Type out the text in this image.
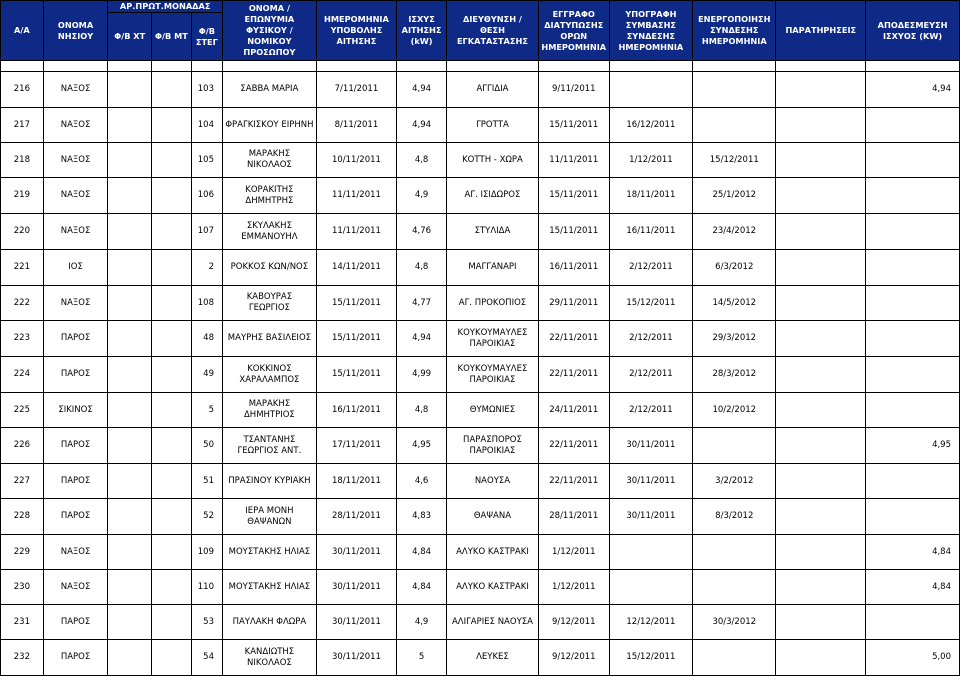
Α/Α	ΟΝΟΜΑ ΝΗΣΙΟΥ	ΑΡ.ΠΡΩΤ.ΜΟΝΑΔΑΣ			ΟΝΟΜΑ / ΕΠΩΝΥΜΙΑ ΦΥΣΙΚΟΥ / ΝΟΜΙΚΟΥ ΠΡΟΣΩΠΟΥ	ΗΜΕΡΟΜΗΝΙΑ ΥΠΟΒΟΛΗΣ ΑΙΤΗΣΗΣ	ΙΣΧΥΣ ΑΙΤΗΣΗΣ (kW)	ΔΙΕΥΘΥΝΣΗ / ΘΕΣΗ ΕΓΚΑΤΑΣΤΑΣΗΣ	ΕΓΓΡΑΦΟ ΔΙΑΤΥΠΩΣΗΣ ΟΡΩΝ ΗΜΕΡΟΜΗΝΙΑ	ΥΠΟΓΡΑΦΗ ΣΥΜΒΑΣΗΣ ΣΥΝΔΕΣΗΣ ΗΜΕΡΟΜΗΝΙΑ	ΕΝΕΡΓΟΠΟΙΗΣΗ ΣΥΝΔΕΣΗΣ ΗΜΕΡΟΜΗΝΙΑ	ΠΑΡΑΤΗΡΗΣΕΙΣ	ΑΠΟΔΕΣΜΕΥΣΗ ΙΣΧΥΟΣ (KW)
		Φ/Β ΧΤ	Φ/Β ΜΤ	Φ/Β ΣΤΕΓ									

216	ΝΑΞΟΣ			103	ΣΑΒΒΑ ΜΑΡΙΑ	7/11/2011	4,94	ΑΓΓΙΔΙΑ	9/11/2011				4,94
217	ΝΑΞΟΣ			104	ΦΡΑΓΚΙΣΚΟΥ ΕΙΡΗΝΗ	8/11/2011	4,94	ΓΡΟΤΤΑ	15/11/2011	16/12/2011			
218	ΝΑΞΟΣ			105	ΜΑΡΑΚΗΣ ΝΙΚΟΛΑΟΣ	10/11/2011	4,8	ΚΟΤΤΗ - ΧΩΡΑ	11/11/2011	1/12/2011	15/12/2011		
219	ΝΑΞΟΣ			106	ΚΟΡΑΚΙΤΗΣ
ΔΗΜΗΤΡΗΣ	11/11/2011	4,9	ΑΓ. ΙΣΙΔΩΡΟΣ	15/11/2011	18/11/2011	25/1/2012		
220	ΝΑΞΟΣ			107	ΣΚΥΛΑΚΗΣ
ΕΜΜΑΝΟΥΗΛ	11/11/2011	4,76	ΣΤΥΛΙΔΑ	15/11/2011	16/11/2011	23/4/2012		
221	ΙΟΣ			2	ΡΟΚΚΟΣ ΚΩΝ/ΝΟΣ	14/11/2011	4,8	ΜΑΓΓΑΝΑΡΙ	16/11/2011	2/12/2011	6/3/2012		
222	ΝΑΞΟΣ			108	ΚΑΒΟΥΡΑΣ ΓΕΩΡΓΙΟΣ	15/11/2011	4,77	ΑΓ. ΠΡΟΚΟΠΙΟΣ	29/11/2011	15/12/2011	14/5/2012		
223	ΠΑΡΟΣ			48	ΜΑΥΡΗΣ ΒΑΣΙΛΕΙΟΣ	15/11/2011	4,94	ΚΟΥΚΟΥΜΑΥΛΕΣ
ΠΑΡΟΙΚΙΑΣ	22/11/2011	2/12/2011	29/3/2012		
224	ΠΑΡΟΣ			49	ΚΟΚΚΙΝΟΣ
ΧΑΡΑΛΑΜΠΟΣ	15/11/2011	4,99	ΚΟΥΚΟΥΜΑΥΛΕΣ
ΠΑΡΟΙΚΙΑΣ	22/11/2011	2/12/2011	28/3/2012		
225	ΣΙΚΙΝΟΣ			5	ΜΑΡΑΚΗΣ
ΔΗΜΗΤΡΙΟΣ	16/11/2011	4,8	ΘΥΜΩΝΙΕΣ	24/11/2011	2/12/2011	10/2/2012		
226	ΠΑΡΟΣ			50	ΤΣΑΝΤΑΝΗΣ
ΓΕΩΡΓΙΟΣ ΑΝΤ.	17/11/2011	4,95	ΠΑΡΑΣΠΟΡΟΣ
ΠΑΡΟΙΚΙΑΣ	22/11/2011	30/11/2011			4,95
227	ΠΑΡΟΣ			51	ΠΡΑΣΙΝΟΥ ΚΥΡΙΑΚΗ	18/11/2011	4,6	ΝΑΟΥΣΑ	22/11/2011	30/11/2011	3/2/2012		
228	ΠΑΡΟΣ			52	ΙΕΡΑ ΜΟΝΗ
ΘΑΨΑΝΩΝ	28/11/2011	4,83	ΘΑΨΑΝΑ	28/11/2011	30/11/2011	8/3/2012		
229	ΝΑΞΟΣ			109	ΜΟΥΣΤΑΚΗΣ ΗΛΙΑΣ	30/11/2011	4,84	ΑΛΥΚΟ ΚΑΣΤΡΑΚΙ	1/12/2011				4,84
230	ΝΑΞΟΣ			110	ΜΟΥΣΤΑΚΗΣ ΗΛΙΑΣ	30/11/2011	4,84	ΑΛΥΚΟ ΚΑΣΤΡΑΚΙ	1/12/2011				4,84
231	ΠΑΡΟΣ			53	ΠΑΥΛΑΚΗ ΦΛΩΡΑ	30/11/2011	4,9	ΑΛΙΓΑΡΙΕΣ ΝΑΟΥΣΑ	9/12/2011	12/12/2011	30/3/2012		
232	ΠΑΡΟΣ			54	ΚΑΝΔΙΩΤΗΣ
ΝΙΚΟΛΑΟΣ	30/11/2011	5	ΛΕΥΚΕΣ	9/12/2011	15/12/2011			5,00
